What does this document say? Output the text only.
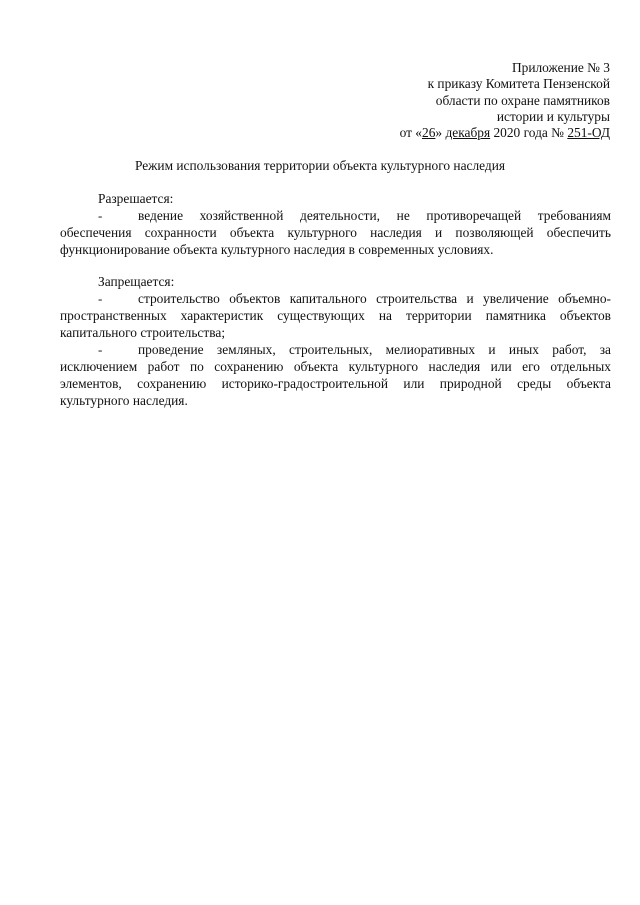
Приложение № 3
к приказу Комитета Пензенской
области по охране памятников
истории и культуры
от «26» декабря 2020 года № 251-ОД
Режим использования территории объекта культурного наследия
Разрешается:
-	ведение хозяйственной деятельности, не противоречащей требованиям обеспечения сохранности объекта культурного наследия и позволяющей обеспечить функционирование объекта культурного наследия в современных условиях.
Запрещается:
-	строительство объектов капитального строительства и увеличение объемно-пространственных характеристик существующих на территории памятника объектов капитального строительства;
-	проведение земляных, строительных, мелиоративных и иных работ, за исключением работ по сохранению объекта культурного наследия или его отдельных элементов, сохранению историко-градостроительной или природной среды объекта культурного наследия.
